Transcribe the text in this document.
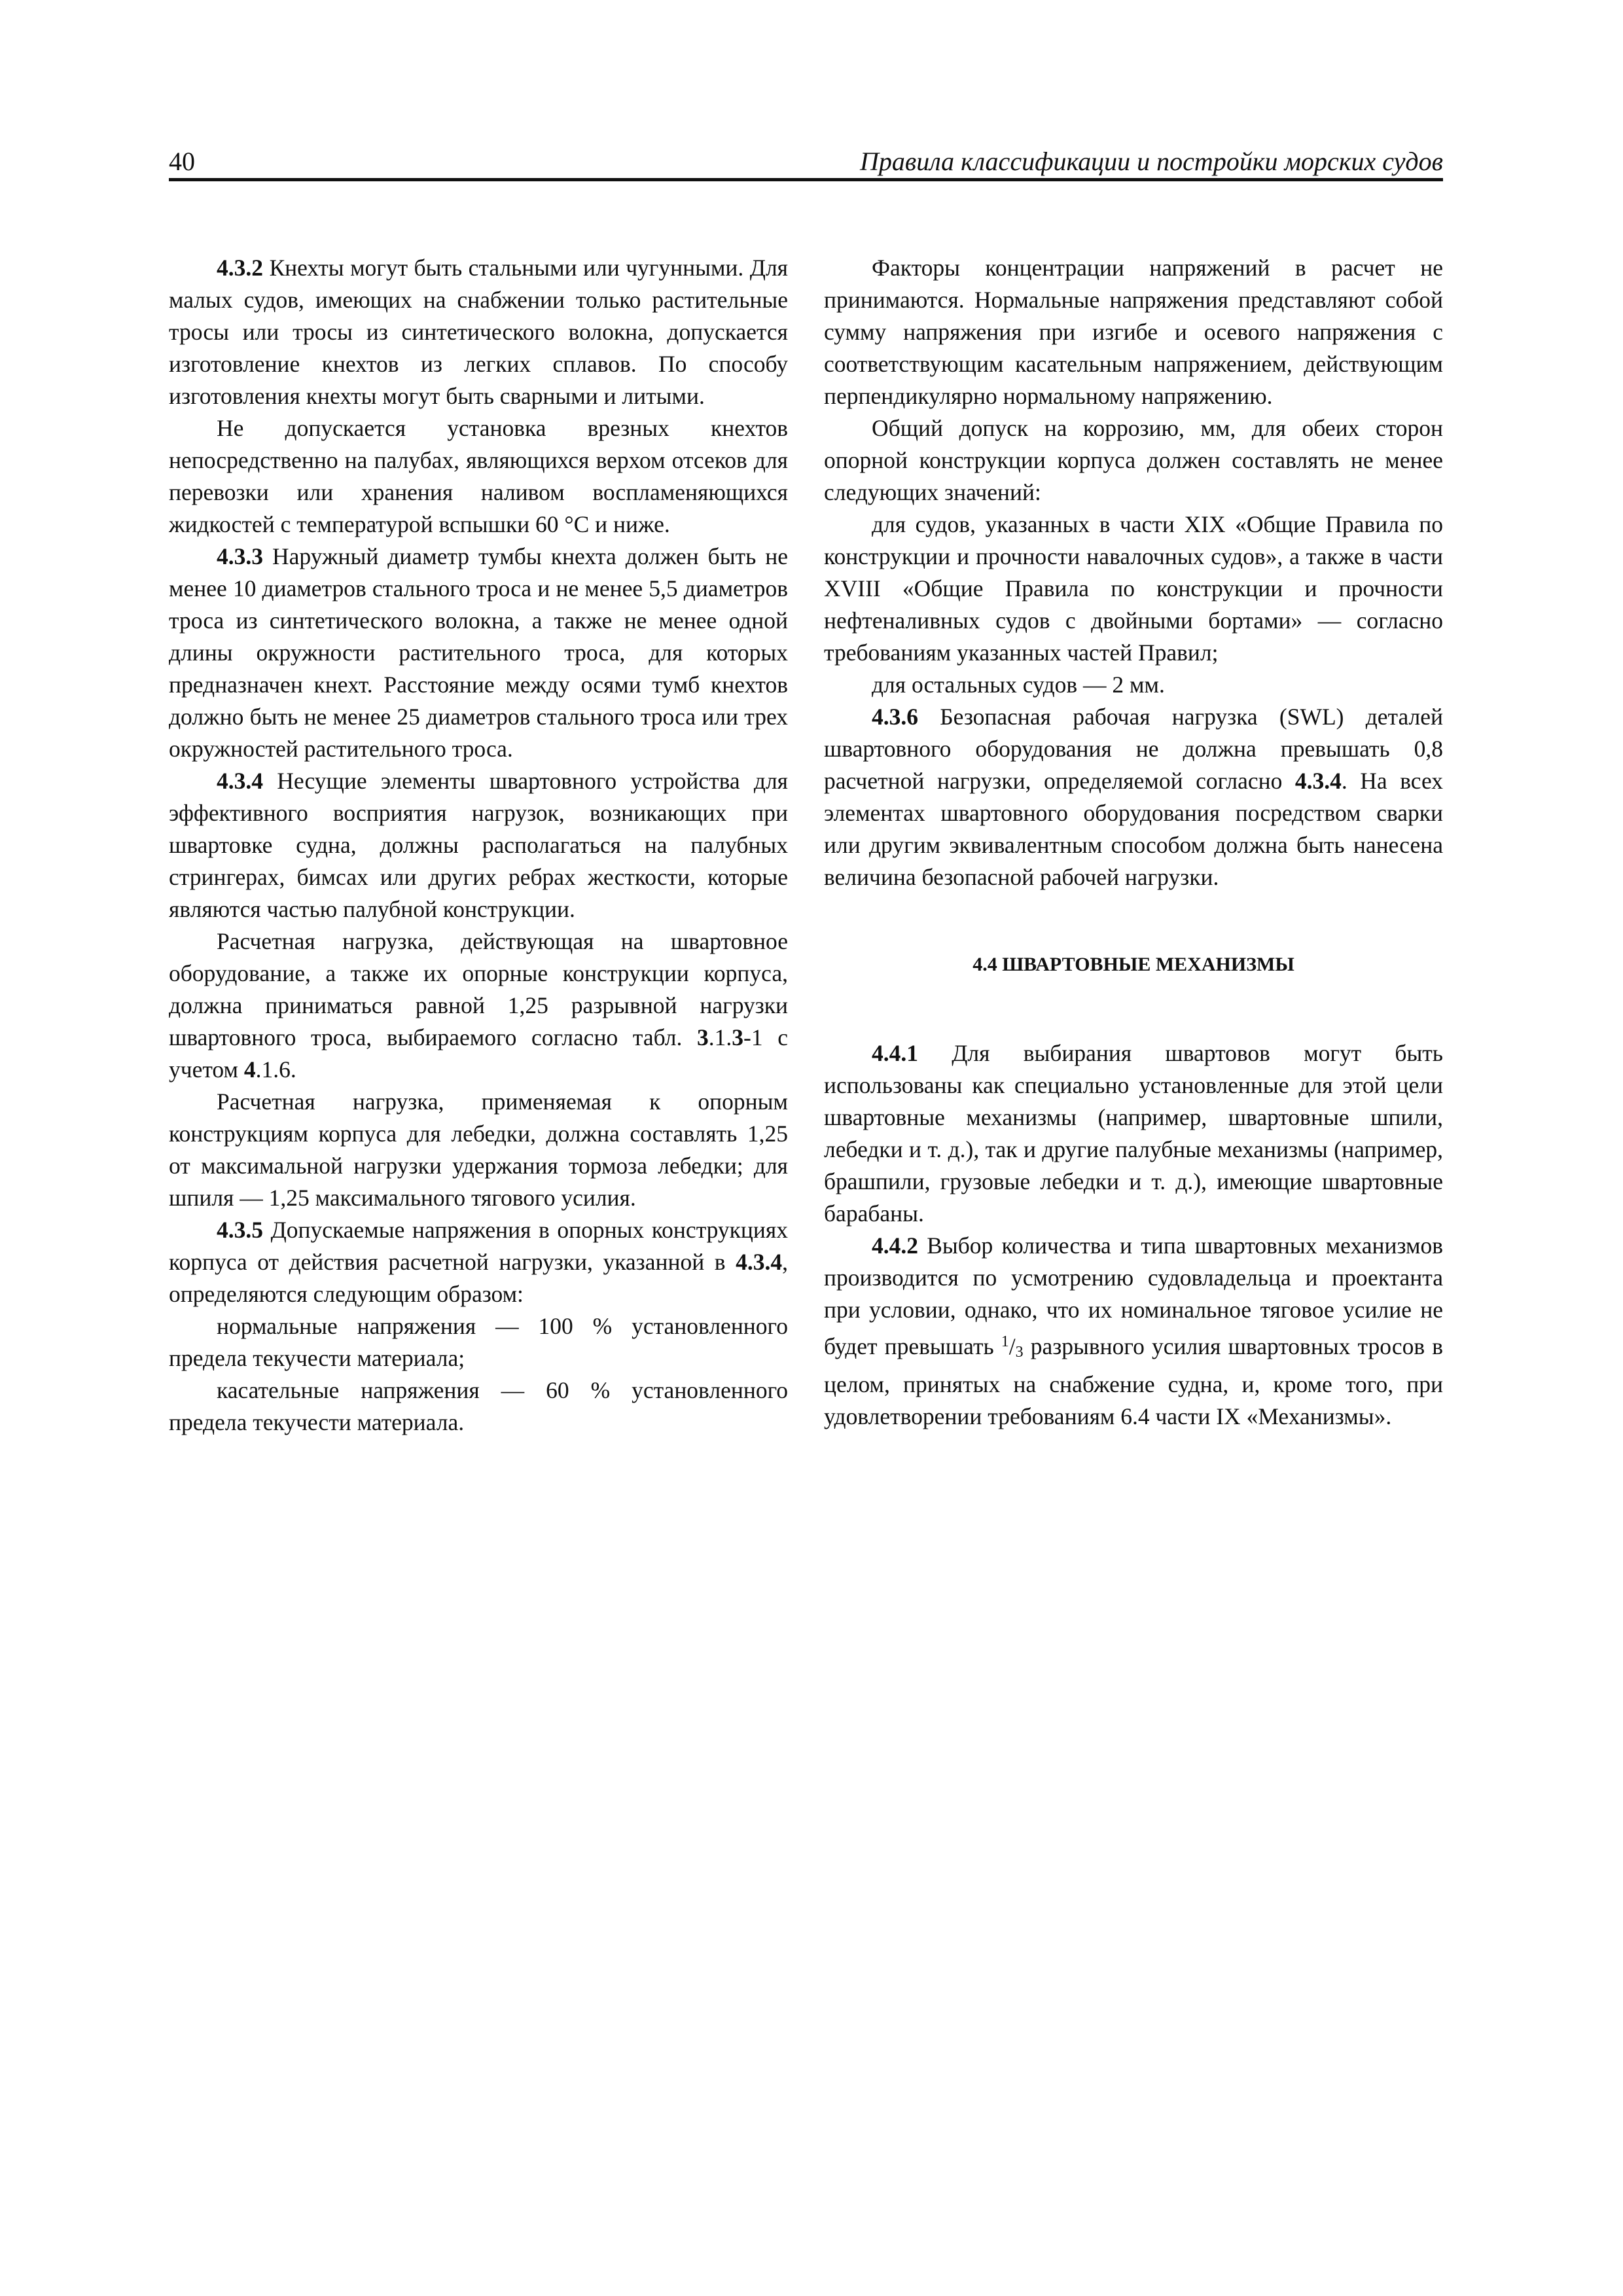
40	Правила классификации и постройки морских судов

4.3.2 Кнехты могут быть стальными или чугунными. Для малых судов, имеющих на снабжении только растительные тросы или тросы из синтетического волокна, допускается изготовление кнехтов из легких сплавов. По способу изготовления кнехты могут быть сварными и литыми.

Не допускается установка врезных кнехтов непосредственно на палубах, являющихся верхом отсеков для перевозки или хранения наливом воспламеняющихся жидкостей с температурой вспышки 60 °С и ниже.

4.3.3 Наружный диаметр тумбы кнехта должен быть не менее 10 диаметров стального троса и не менее 5,5 диаметров троса из синтетического волокна, а также не менее одной длины окружности растительного троса, для которых предназначен кнехт. Расстояние между осями тумб кнехтов должно быть не менее 25 диаметров стального троса или трех окружностей растительного троса.

4.3.4 Несущие элементы швартовного устройства для эффективного восприятия нагрузок, возникающих при швартовке судна, должны располагаться на палубных стрингерах, бимсах или других ребрах жесткости, которые являются частью палубной конструкции.

Расчетная нагрузка, действующая на швартовное оборудование, а также их опорные конструкции корпуса, должна приниматься равной 1,25 разрывной нагрузки швартовного троса, выбираемого согласно табл. 3.1.3-1 с учетом 4.1.6.

Расчетная нагрузка, применяемая к опорным конструкциям корпуса для лебедки, должна составлять 1,25 от максимальной нагрузки удержания тормоза лебедки; для шпиля — 1,25 максимального тягового усилия.

4.3.5 Допускаемые напряжения в опорных конструкциях корпуса от действия расчетной нагрузки, указанной в 4.3.4, определяются следующим образом:

нормальные напряжения — 100 % установленного предела текучести материала;

касательные напряжения — 60 % установленного предела текучести материала.

Факторы концентрации напряжений в расчет не принимаются. Нормальные напряжения представляют собой сумму напряжения при изгибе и осевого напряжения с соответствующим касательным напряжением, действующим перпендикулярно нормальному напряжению.

Общий допуск на коррозию, мм, для обеих сторон опорной конструкции корпуса должен составлять не менее следующих значений:

для судов, указанных в части XIX «Общие Правила по конструкции и прочности навалочных судов», а также в части XVIII «Общие Правила по конструкции и прочности нефтеналивных судов с двойными бортами» — согласно требованиям указанных частей Правил;

для остальных судов — 2 мм.

4.3.6 Безопасная рабочая нагрузка (SWL) деталей швартовного оборудования не должна превышать 0,8 расчетной нагрузки, определяемой согласно 4.3.4. На всех элементах швартовного оборудования посредством сварки или другим эквивалентным способом должна быть нанесена величина безопасной рабочей нагрузки.

4.4 ШВАРТОВНЫЕ МЕХАНИЗМЫ

4.4.1 Для выбирания швартовов могут быть использованы как специально установленные для этой цели швартовные механизмы (например, швартовные шпили, лебедки и т. д.), так и другие палубные механизмы (например, брашпили, грузовые лебедки и т. д.), имеющие швартовные барабаны.

4.4.2 Выбор количества и типа швартовных механизмов производится по усмотрению судовладельца и проектанта при условии, однако, что их номинальное тяговое усилие не будет превышать $^1/_3$ разрывного усилия швартовных тросов в целом, принятых на снабжение судна, и, кроме того, при удовлетворении требованиям 6.4 части IX «Механизмы».
